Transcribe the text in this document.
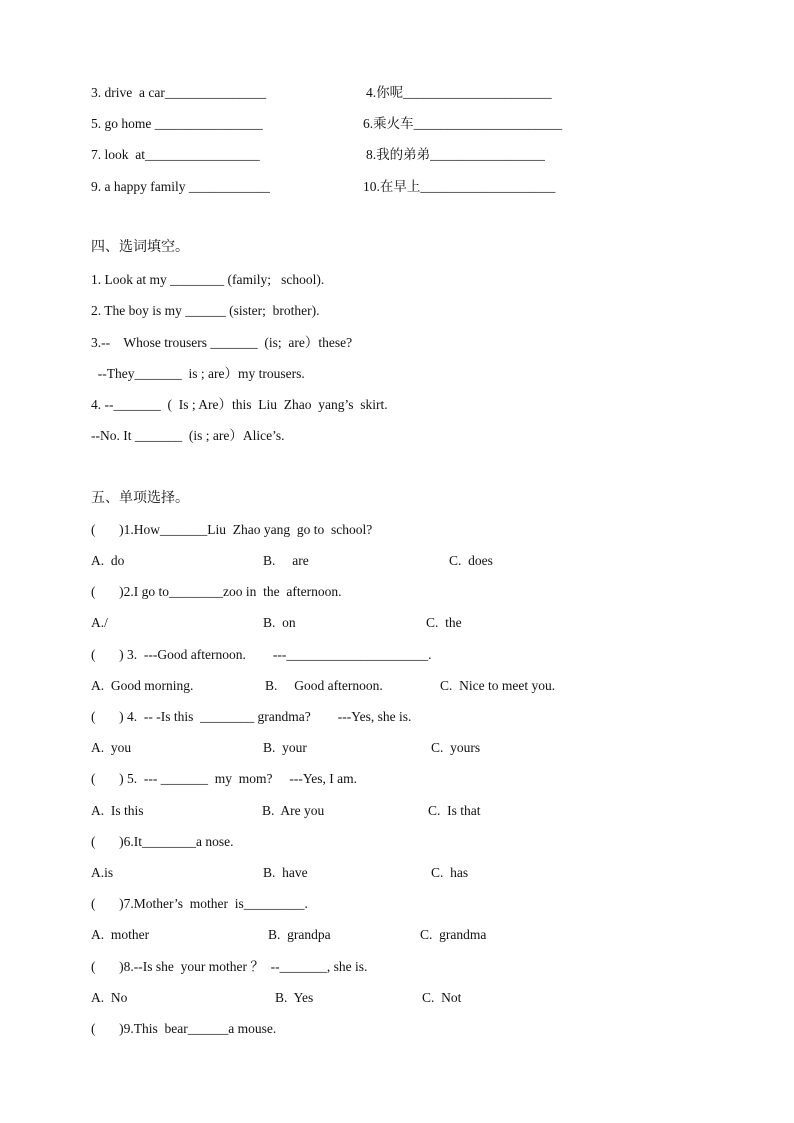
3. drive  a car_______________	4.你呢______________________
5. go home ________________	6.乘火车______________________
7. look  at_________________	8.我的弟弟_________________
9. a happy family ____________	10.在早上____________________
四、选词填空。
1. Look at my ________ (family;   school).
2. The boy is my ______ (sister;  brother).
3.--    Whose trousers _______  (is;  are）these?
--They_______  is ; are）my trousers.
4. --_______  (  Is ; Are）this  Liu  Zhao  yang’s  skirt.
--No. It _______  (is ; are）Alice’s.
五、单项选择。
(       )1.How_______Liu  Zhao yang  go to  school?
A.  do	B.     are	C.  does
(       )2.I go to________zoo in  the  afternoon.
A./	B.  on	C.  the
(       ) 3.  ---Good afternoon.        ---_____________________.
A.  Good morning.	B.     Good afternoon.	C.  Nice to meet you.
(       ) 4.  -- -Is this  ________ grandma?        ---Yes, she is.
A.  you	B.  your	C.  yours
(       ) 5.  --- _______  my  mom?     ---Yes, I am.
A.  Is this	B.  Are you	C.  Is that
(       )6.It________a nose.
A.is	B.  have	C.  has
(       )7.Mother’s  mother  is_________.
A.  mother	B.  grandpa	C.  grandma
(       )8.--Is she  your mother ？  --_______, she is.
A.  No	B.  Yes	C.  Not
(       )9.This  bear______a mouse.
